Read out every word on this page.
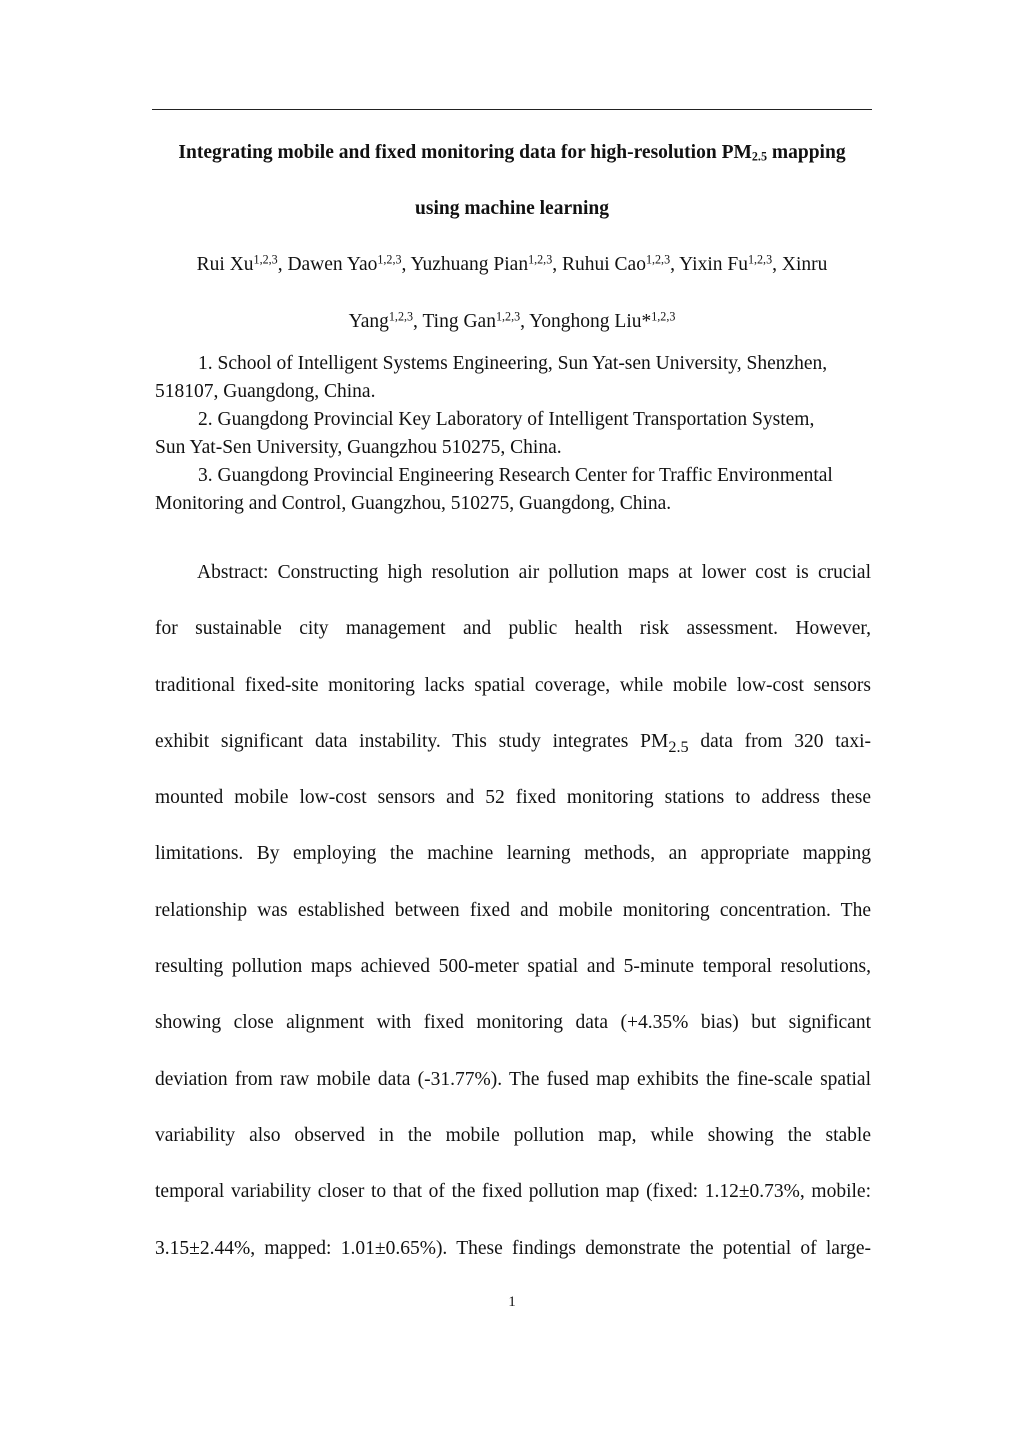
Integrating mobile and fixed monitoring data for high-resolution $PM_{2.5}$ mapping
using machine learning

Rui Xu$^{1,2,3}$, Dawen Yao$^{1,2,3}$, Yuzhuang Pian$^{1,2,3}$, Ruhui Cao$^{1,2,3}$, Yixin Fu$^{1,2,3}$, Xinru

Yang$^{1,2,3}$, Ting Gan$^{1,2,3}$, Yonghong Liu*$^{1,2,3}$

1. School of Intelligent Systems Engineering, Sun Yat-sen University, Shenzhen,
518107, Guangdong, China.
2. Guangdong Provincial Key Laboratory of Intelligent Transportation System,
Sun Yat-Sen University, Guangzhou 510275, China.
3. Guangdong Provincial Engineering Research Center for Traffic Environmental
Monitoring and Control, Guangzhou, 510275, Guangdong, China.
Abstract: Constructing high resolution air pollution maps at lower cost is crucial
for sustainable city management and public health risk assessment. However,
traditional fixed-site monitoring lacks spatial coverage, while mobile low-cost sensors
exhibit significant data instability. This study integrates $PM_{2.5}$ data from 320 taxi-
mounted mobile low-cost sensors and 52 fixed monitoring stations to address these
limitations. By employing the machine learning methods, an appropriate mapping
relationship was established between fixed and mobile monitoring concentration. The
resulting pollution maps achieved 500-meter spatial and 5-minute temporal resolutions,
showing close alignment with fixed monitoring data (+4.35% bias) but significant
deviation from raw mobile data (-31.77%). The fused map exhibits the fine-scale spatial
variability also observed in the mobile pollution map, while showing the stable
temporal variability closer to that of the fixed pollution map (fixed: 1.12±0.73%, mobile:
3.15±2.44%, mapped: 1.01±0.65%). These findings demonstrate the potential of large-

1
